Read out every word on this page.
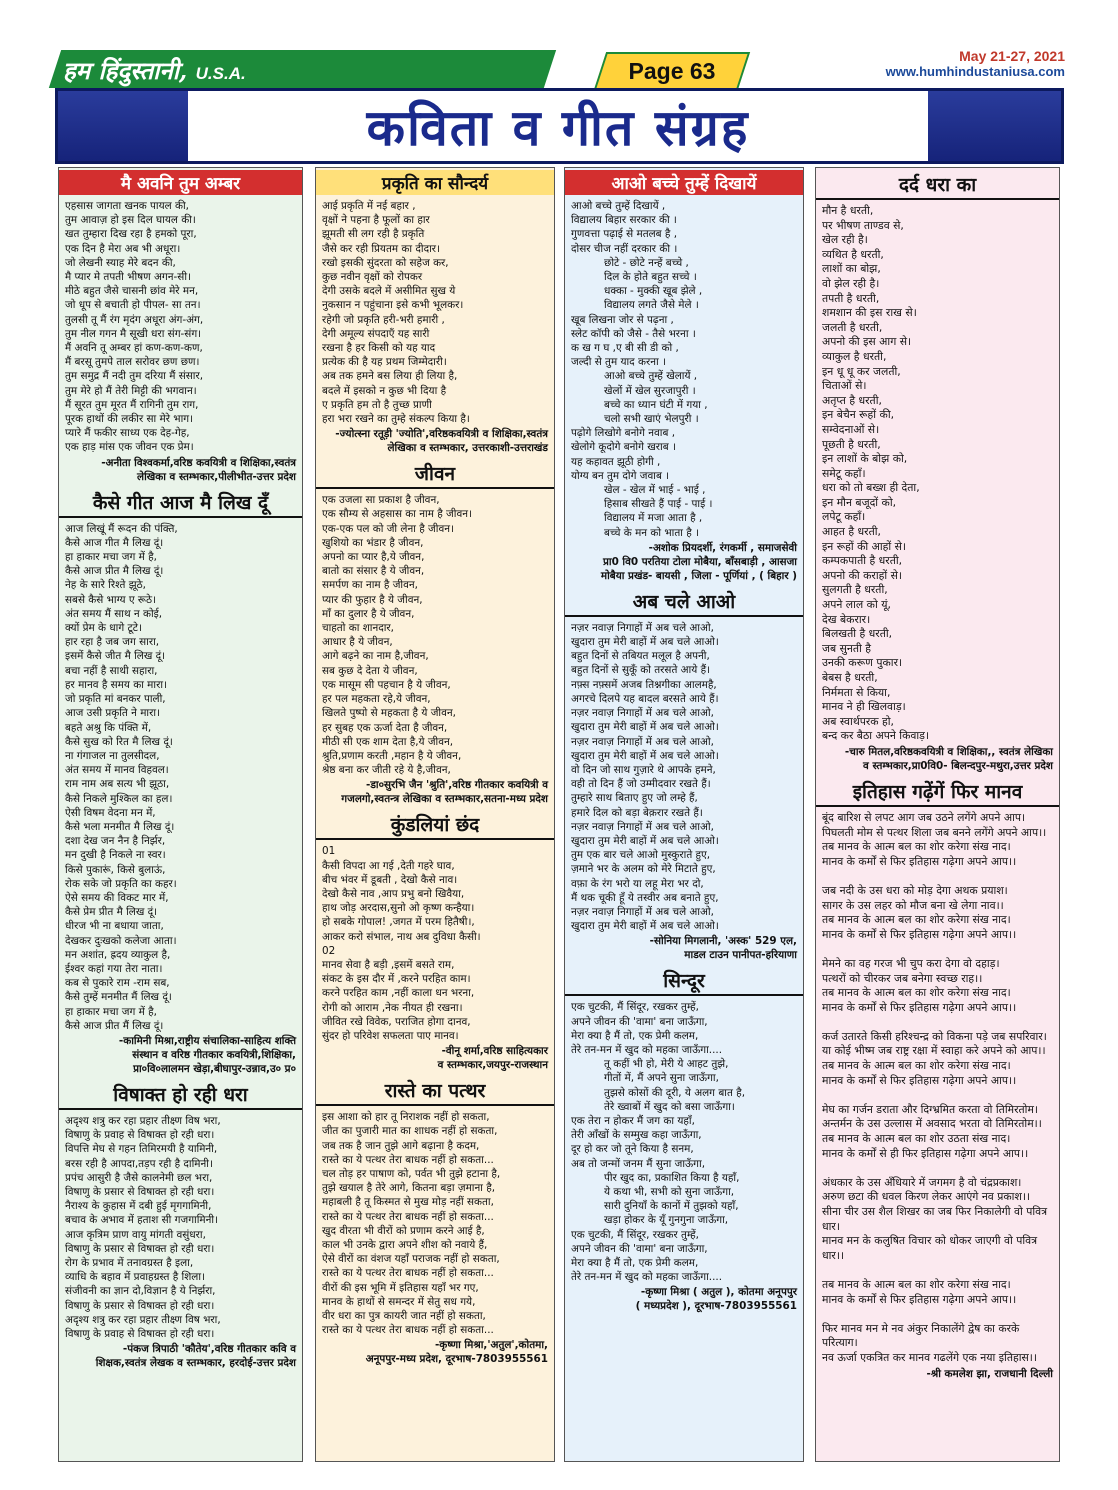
हम हिंदुस्तानी, U.S.A.	Page 63
May 21-27, 2021
www.humhindustaniusa.com
कविता व गीत संग्रह
मै अवनि तुम अम्बर

एहसास जागता खनक पायल की,
तुम आवाज़ हो इस दिल घायल की।
खत तुम्हारा दिख रहा है हमको पूरा,
एक दिन है मेरा अब भी अधूरा।
जो लेखनी स्याह मेरे बदन की,
मै प्यार मे तपती भीषण अगन-सी।
मीठे बहुत जैसे चासनी छांव मेरे मन,
जो धूप से बचाती हो पीपल- सा तन।
तुलसी तू मैं रंग मृदंग अधूरा अंग-अंग,
तुम नील गगन मै सूखी धरा संग-संग।
मैं अवनि तू अम्बर हां कण-कण-कण,
मैं बरसू तुमपे ताल सरोवर छण छण।
तुम समुद्र मैं नदी तुम दरिया मैं संसार,
तुम मेरे हो मैं तेरी मिट्टी की भगवान।
मैं सूरत तुम मूरत मैं रागिनी तुम राग,
पूरक हाथों की लकीर सा मेरे भाग।
प्यारे मैं फकीर साध्य एक देह-गेह,
एक हाड़ मांस एक जीवन एक प्रेम।

-अनीता विश्वकर्मा,वरिष्ठ कवयित्री व शिक्षिका,स्वतंत्र
लेखिका व स्तम्भकार,पीलीभीत-उत्तर प्रदेश
कैसे गीत आज मै लिख दूँ

आज लिखूं मैं रूदन की पंक्ति,
कैसे आज गीत मै लिख दूं।
हा हाकार मचा जग में है,
कैसे आज प्रीत मै लिख दूं।
नेह के सारे रिश्ते झूठे,
सबसे कैसे भाग्य ए रूठे।
अंत समय मैं साथ न कोई,
क्यों प्रेम के धागे टूटे।
हार रहा है जब जग सारा,
इसमें कैसे जीत मै लिख दूं।
बचा नहीं है साथी सहारा,
हर मानव है समय का मारा।
जो प्रकृति मां बनकर पाली,
आज उसी प्रकृति ने मारा।
बहते अश्रु कि पंक्ति में,
कैसे सुख को रित मै लिख दूं।
ना गंगाजल ना तुलसीदल,
अंत समय में मानव विहवल।
राम नाम अब सत्य भी झूठा,
कैसे निकले मुश्किल का हल।
ऐसी विषम वेदना मन में,
कैसे भला मनमीत मै लिख दूं।
दशा देख जन नैन है निर्झर,
मन दुखी है निकले ना स्वर।
किसे पुकारूं, किसे बुलाऊं,
रोक सके जो प्रकृति का कहर।
ऐसे समय की विकट मार में,
कैसे प्रेम प्रीत मै लिख दूं।
धीरज भी ना बधाया जाता,
देखकर दुःखको कलेजा आता।
मन अशांत, ह्रदय व्याकुल है,
ईश्वर कहां गया तेरा नाता।
कब से पुकारे राम -राम सब,
कैसे तुम्हें मनमीत मैं लिख दूं।
हा हाकार मचा जग में है,
कैसे आज प्रीत मैं लिख दूं।

-कामिनी मिश्रा,राष्ट्रीय संचालिका-साहित्य शक्ति
संस्थान व वरिष्ठ गीतकार कवयित्री,शिक्षिका,
प्रा०वि०लालमन खेड़ा,बीघापुर-उन्नाव,उ० प्र०
विषाक्त हो रही धरा

अदृश्य शत्रु कर रहा प्रहार तीक्ष्ण विष भरा,
विषाणु के प्रवाह से विषाक्त हो रही धरा।
विपत्ति मेघ से गहन तिमिरमयी है यामिनी,
बरस रही है आपदा,तड़प रही है दामिनी।
प्रपंच आसुरी है जैसे कालनेमी छल भरा,
विषाणु के प्रसार से विषाक्त हो रही धरा।
नैराश्य के कुहास में दबी हुई मृगगामिनी,
बचाव के अभाव में हताश सी गजगामिनी।
आज कृत्रिम प्राण वायु मांगती वसुंधरा,
विषाणु के प्रसार से विषाक्त हो रही धरा।
रोग के प्रभाव में तनावग्रस्त है इला,
व्याधि के बहाव में प्रवाहग्रस्त है शिला।
संजीवनी का ज्ञान दो,विज्ञान है ये निर्झरा,
विषाणु के प्रसार से विषाक्त हो रही धरा।
अदृश्य शत्रु कर रहा प्रहार तीक्ष्ण विष भरा,
विषाणु के प्रवाह से विषाक्त हो रही धरा।

-पंकज त्रिपाठी 'कौतेय',वरिष्ठ गीतकार कवि व
शिक्षक,स्वतंत्र लेखक व स्तम्भकार, हरदोई-उत्तर प्रदेश
प्रकृति का सौन्दर्य

आई प्रकृति में नई बहार ,
वृक्षों ने पहना है फूलों का हार
झूमती सी लग रही है प्रकृति
जैसे कर रही प्रियतम का दीदार।
रखो इसकी सुंदरता को सहेज कर,
कुछ नवीन वृक्षों को रोपकर
देगी उसके बदले में असीमित सुख ये
नुकसान न पहुंचाना इसे कभी भूलकर।
रहेगी जो प्रकृति हरी-भरी हमारी ,
देगी अमूल्य संपदाएँ यह सारी
रखना है हर किसी को यह याद
प्रत्येक की है यह प्रथम जिम्मेदारी।
अब तक हमने बस लिया ही लिया है,
बदले में इसको न कुछ भी दिया है
ए प्रकृति हम तो है तुच्छ प्राणी
हरा भरा रखने का तुम्हे संकल्प किया है।

-ज्योत्स्ना रतूड़ी 'ज्योति',वरिष्ठकवयित्री व शिक्षिका,स्वतंत्र
लेखिका व स्तम्भकार, उत्तरकाशी-उत्तराखंड
जीवन

एक उजला सा प्रकाश है जीवन,
एक सौम्य से अहसास का नाम है जीवन।
एक-एक पल को जी लेना है जीवन।
खुशियो का भंडार है जीवन,
अपनो का प्यार है,ये जीवन,
बातो का संसार है ये जीवन,
समर्पण का नाम है जीवन,
प्यार की फुहार है ये जीवन,
माँ का दुलार है ये जीवन,
चाहतो का शानदार,
आधार है ये जीवन,
आगे बढ़ने का नाम है,जीवन,
सब कुछ दे देता ये जीवन,
एक मासूम सी पहचान है ये जीवन,
हर पल महकता रहे,ये जीवन,
खिलते पुष्पो से महकता है ये जीवन,
हर सुबह एक ऊर्जा देता है जीवन,
मीठी सी एक शाम देता है,ये जीवन,
श्रुति,प्रणाम करती ,महान है ये जीवन,
श्रेष्ठ बना कर जीती रहे ये है,जीवन,

-डा०सुरभि जैन 'श्रुति',वरिष्ठ गीतकार कवयित्री व
गजलगो,स्वतन्त्र लेखिका व स्तम्भकार,सतना-मध्य प्रदेश
कुंडलियां छंद

01
कैसी विपदा आ गई ,देती गहरे घाव,
बीच भंवर में डूबती , देखो कैसे नाव।
देखो कैसे नाव ,आप प्रभु बनो खिवैया,
हाथ जोड़ अरदास,सुनो ओ कृष्ण कन्हैया।
हो सबके गोपाल! ,जगत में परम हितैषी।,
आकर करो संभाल, नाथ अब दुविधा कैसी।
02
मानव सेवा है बड़ी ,इसमें बसते राम,
संकट के इस दौर में ,करने परहित काम।
करने परहित काम ,नहीं काला धन भरना,
रोगी को आराम ,नेक नीयत ही रखना।
जीवित रखे विवेक, पराजित होगा दानव,
सुंदर हो परिवेश सफलता पाए मानव।

-वीनू शर्मा,वरिष्ठ साहित्यकार
व स्तम्भकार,जयपुर-राजस्थान
रास्ते का पत्थर

इस आशा को हार तू निराशक नहीं हो सकता,
जीत का पुजारी मात का शाधक नहीं हो सकता,
जब तक है जान तुझे आगे बढ़ाना है कदम,
रास्ते का ये पत्थर तेरा बाधक नहीं हो सकता...
चल तोड़ हर पाषाण को, पर्वत भी तुझे हटाना है,
तुझे खयाल है तेरे आगे, कितना बड़ा ज़माना है,
महाबली है तू किस्मत से मुख मोड़ नहीं सकता,
रास्ते का ये पत्थर तेरा बाधक नहीं हो सकता...
खुद वीरता भी वीरों को प्रणाम करने आई है,
काल भी उनके द्वारा अपने शीश को नवाये हैं,
ऐसे वीरों का वंशज यहाँ पराजक नहीं हो सकता,
रास्ते का ये पत्थर तेरा बाधक नहीं हो सकता...
वीरों की इस भूमि में इतिहास यहाँ भर गए,
मानव के हाथों से समन्दर में सेतु सध गये,
वीर धरा का पुत्र कायरी जात नहीं हो सकता,
रास्ते का ये पत्थर तेरा बाधक नहीं हो सकता...

-कृष्णा मिश्रा,'अतुल',कोतमा,
अनूपपुर-मध्य प्रदेश, दूरभाष-7803955561
आओ बच्चे तुम्हें दिखायें

आओ बच्चे तुम्हें दिखायें ,
विद्यालय बिहार सरकार की ।
गुणवत्ता पढ़ाई से मतलब है ,
दोसर चीज नहीं दरकार की ।
छोटे - छोटे नन्हें बच्चे ,
दिल के होते बहुत सच्चे ।
धक्का - मुक्की खूब झेले ,
विद्यालय लगते जैसे मेले ।
खूब लिखना जोर से पढ़ना ,
स्लेट कॉपी को जैसे - तैसे भरना ।
क ख ग घ ,ए बी सी डी को ,
जल्दी से तुम याद करना ।
आओ बच्चे तुम्हें खेलायें ,
खेलों में खेल सुरजापुरी ।
बच्चे का ध्यान घंटी में गया ,
चलो सभी खाएं भेलपुरी ।
पढ़ोगे लिखोगे बनोगे नवाब ,
खेलोगे कूदोगे बनोगे खराब ।
यह कहावत झूठी होगी ,
योग्य बन तुम दोगे जवाब ।
खेल - खेल में भाई - भाई ,
हिसाब सीखते हैं पाई - पाई ।
विद्यालय में मजा आता है ,
बच्चे के मन को भाता है ।

-अशोक प्रियदर्शी, रंगकर्मी , समाजसेवी
प्रा0 वि0 परतिया टोला मोबैया, बाँसबाड़ी , आसजा
मोबैया प्रखंड- बायसी , जिला - पूर्णियां , ( बिहार )
अब चले आओ

नज़र नवाज़ निगाहों में अब चले आओ,
खुदारा तुम मेरी बाहों में अब चले आओ।
बहुत दिनों से तबियत मलूल है अपनी,
बहुत दिनों से सुकूँ को तरसते आये हैं।
नफ़्स नफ़्समें अजब तिश्नगीका आलमहै,
अगरचे दिलपे यह बादल बरसते आये हैं।
नज़र नवाज़ निगाहों में अब चले आओ,
खुदारा तुम मेरी बाहों में अब चले आओ।
नज़र नवाज़ निगाहों में अब चले आओ,
खुदारा तुम मेरी बाहों में अब चले आओ।
वो दिन जो साथ गुज़ारे थे आपके हमने,
वही तो दिन हैं जो उम्मीदवार रखते हैं।
तुम्हारे साथ बिताए हुए जो लम्हे हैं,
हमारे दिल को बड़ा बेक़रार रखते हैं।
नज़र नवाज़ निगाहों में अब चले आओ,
खुदारा तुम मेरी बाहों में अब चले आओ।
तुम एक बार चले आओ मुस्कुराते हुए,
ज़माने भर के अलम को मेरे मिटाते हुए,
वफ़ा के रंग भरो या लहू मेरा भर दो,
मैं थक चूकी हूँ ये तस्वीर अब बनाते हुए,
नज़र नवाज़ निगाहों में अब चले आओ,
खुदारा तुम मेरी बाहों में अब चले आओ।

-सोनिया मिगलानी, 'अस्क' 529 एल,
माडल टाउन पानीपत-हरियाणा
सिन्दूर

एक चुटकी, मैं सिंदूर, रखकर तुम्हें,
अपने जीवन की 'वामा' बना जाऊँगा,
मेरा क्या है मैं तो, एक प्रेमी कलम,
तेरे तन-मन में खुद को महका जाऊँगा....
तू कहीं भी हो, मेरी ये आहट तुझे,
गीतों में, मैं अपने सुना जाऊँगा,
तुझसे कोसों की दूरी, ये अलग बात है,
तेरे ख्वाबों में खुद को बसा जाऊँगा।
एक तेरा न होकर मैं जग का यहाँ,
तेरी आँखों के सम्मुख कहा जाऊँगा,
दूर हो कर जो तूने किया है सनम,
अब तो जन्मों जनम मैं सुना जाऊँगा,
पीर खुद का, प्रकाशित किया है यहाँ,
ये कथा भी, सभी को सुना जाऊँगा,
सारी दुनियाँ के कानों में तुझको यहाँ,
खड़ा होकर के यूँ गुनगुना जाऊँगा,
एक चुटकी, मैं सिंदूर, रखकर तुम्हें,
अपने जीवन की 'वामा' बना जाऊँगा,
मेरा क्या है मैं तो, एक प्रेमी कलम,
तेरे तन-मन में खुद को महका जाऊँगा....

-कृष्णा मिश्रा ( अतुल ), कोतमा अनूपपुर
( मध्यप्रदेश ), दूरभाष-7803955561
दर्द धरा का

मौन है धरती,
पर भीषण ताण्डव से,
खेल रही है।
व्यथित है धरती,
लाशों का बोझ,
वो झेल रही है।
तपती है धरती,
शमशान की इस राख से।
जलती है धरती,
अपनो की इस आग से।
व्याकुल है धरती,
इन धू धू कर जलती,
चिताओं से।
अतृप्त है धरती,
इन बेचैन रूहों की,
सम्वेदनाओं से।
पूछती है धरती,
इन लाशों के बोझ को,
समेटू कहाँ।
धरा को तो बख्श ही देता,
इन मौन बजूदों को,
लपेटू कहाँ।
आहत है धरती,
इन रूहों की आहों से।
कम्पकपाती है धरती,
अपनो की कराहों से।
सुलगती है धरती,
अपने लाल को यूं,
देख बेकरार।
बिलखती है धरती,
जब सुनती है
उनकी करूण पुकार।
बेबस है धरती,
निर्ममता से किया,
मानव ने ही खिलवाड़।
अब स्वार्थपरक हो,
बन्द कर बैठा अपने किवाड़।

-चारु मितल,वरिष्ठकवयित्री व शिक्षिका,, स्वतंत्र लेखिका
व स्तम्भकार,प्रा0वि0- बिलन्दपुर-मथुरा,उत्तर प्रदेश
इतिहास गढ़ेंगें फिर मानव

बूंद बारिश से लपट आग जब उठने लगेंगे अपने आप।
पिघलती मोम से पत्थर शिला जब बनने लगेंगे अपने आप।।
तब मानव के आत्म बल का शोर करेगा संख नाद।
मानव के कर्मों से फिर इतिहास गढ़ेगा अपने आप।।

जब नदी के उस धरा को मोड़ देगा अथक प्रयाश।
सागर के उस लहर को मौज बना खे लेगा नाव।।
तब मानव के आत्म बल का शोर करेगा संख नाद।
मानव के कर्मों से फिर इतिहास गढ़ेगा अपने आप।।

मेमने का वह गरज भी चुप करा देगा वो दहाड़।
पत्थरों को चीरकर जब बनेगा स्वच्छ राह।।
तब मानव के आत्म बल का शोर करेगा संख नाद।
मानव के कर्मों से फिर इतिहास गढ़ेगा अपने आप।।

कर्ज उतारते किसी हरिश्चन्द्र को विकना पड़े जब सपरिवार।
या कोई भीष्म जब राष्ट्र रक्षा में स्वाहा करे अपने को आप।।
तब मानव के आत्म बल का शोर करेगा संख नाद।
मानव के कर्मों से फिर इतिहास गढ़ेगा अपने आप।।

मेघ का गर्जन डराता और दिग्भ्रमित करता वो तिमिरतोम।
अन्तर्मन के उस उल्लास में अवसाद भरता वो तिमिरतोम।।
तब मानव के आत्म बल का शोर उठता संख नाद।
मानव के कर्मों से ही फिर इतिहास गढ़ेगा अपने आप।।

अंधकार के उस अँधियारे में जगमग है वो चंद्रप्रकाश।
अरुण छटा की धवल किरण लेकर आएंगे नव प्रकाश।।
सीना चीर उस शैल शिखर का जब फिर निकालेगी वो पवित्र धार।
मानव मन के कलुषित विचार को धोकर जाएगी वो पवित्र धार।।

तब मानव के आत्म बल का शोर करेगा संख नाद।
मानव के कर्मों से फिर इतिहास गढ़ेगा अपने आप।।

फिर मानव मन मे नव अंकुर निकालेंगे द्वेष का करके परित्याग।
नव ऊर्जा एकत्रित कर मानव गढलेंगे एक नया इतिहास।।

-श्री कमलेश झा, राजधानी दिल्ली
